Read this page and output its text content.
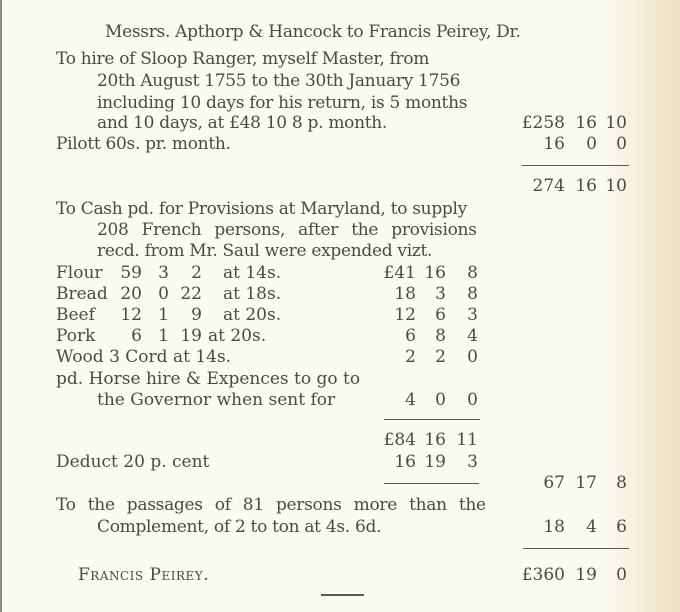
Messrs. Apthorp & Hancock to Francis Peirey, Dr.
To hire of Sloop Ranger, myself Master, from
20th August 1755 to the 30th January 1756
including 10 days for his return, is 5 months
and 10 days, at £48 10 8 p. month.	£258 16 10
Pilott 60s. pr. month.	16	0	0
274 16 10
To Cash pd. for Provisions at Maryland, to supply
208 French persons, after the provisions
recd. from Mr. Saul were expended vizt.
Flour	59 3	2 at 14s.	£41 16	8
Bread 20 0 22 at 18s.	18	3	8
Beef	12 1	9 at 20s.	12	6	3
Pork	6 1 19 at 20s.	6	8	4
Wood 3 Cord at 14s.	2	2	0
pd. Horse hire & Expences to go to
the Governor when sent for	4	0	0
£84 16 11
Deduct 20 p. cent	16 19	3
67 17	8
To the passages of 81 persons more than the
Complement, of 2 to ton at 4s. 6d.	18	4	6
Francis Peirey.	£360 19	0
